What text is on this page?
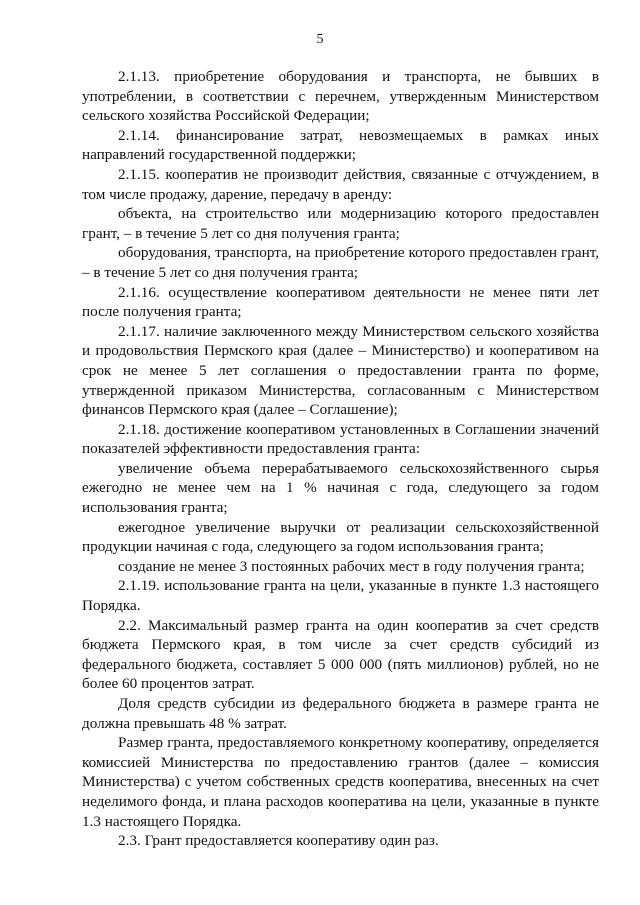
5

2.1.13. приобретение оборудования и транспорта, не бывших в употреблении, в соответствии с перечнем, утвержденным Министерством сельского хозяйства Российской Федерации;

2.1.14. финансирование затрат, невозмещаемых в рамках иных направлений государственной поддержки;

2.1.15. кооператив не производит действия, связанные с отчуждением, в том числе продажу, дарение, передачу в аренду:

объекта, на строительство или модернизацию которого предоставлен грант, – в течение 5 лет со дня получения гранта;

оборудования, транспорта, на приобретение которого предоставлен грант, – в течение 5 лет со дня получения гранта;

2.1.16. осуществление кооперативом деятельности не менее пяти лет после получения гранта;

2.1.17. наличие заключенного между Министерством сельского хозяйства и продовольствия Пермского края (далее – Министерство) и кооперативом на срок не менее 5 лет соглашения о предоставлении гранта по форме, утвержденной приказом Министерства, согласованным с Министерством финансов Пермского края (далее – Соглашение);

2.1.18. достижение кооперативом установленных в Соглашении значений показателей эффективности предоставления гранта:

увеличение объема перерабатываемого сельскохозяйственного сырья ежегодно не менее чем на 1 % начиная с года, следующего за годом использования гранта;

ежегодное увеличение выручки от реализации сельскохозяйственной продукции начиная с года, следующего за годом использования гранта;

создание не менее 3 постоянных рабочих мест в году получения гранта;

2.1.19. использование гранта на цели, указанные в пункте 1.3 настоящего Порядка.

2.2. Максимальный размер гранта на один кооператив за счет средств бюджета Пермского края, в том числе за счет средств субсидий из федерального бюджета, составляет 5 000 000 (пять миллионов) рублей, но не более 60 процентов затрат.

Доля средств субсидии из федерального бюджета в размере гранта не должна превышать 48 % затрат.

Размер гранта, предоставляемого конкретному кооперативу, определяется комиссией Министерства по предоставлению грантов (далее – комиссия Министерства) с учетом собственных средств кооператива, внесенных на счет неделимого фонда, и плана расходов кооператива на цели, указанные в пункте 1.3 настоящего Порядка.

2.3. Грант предоставляется кооперативу один раз.
